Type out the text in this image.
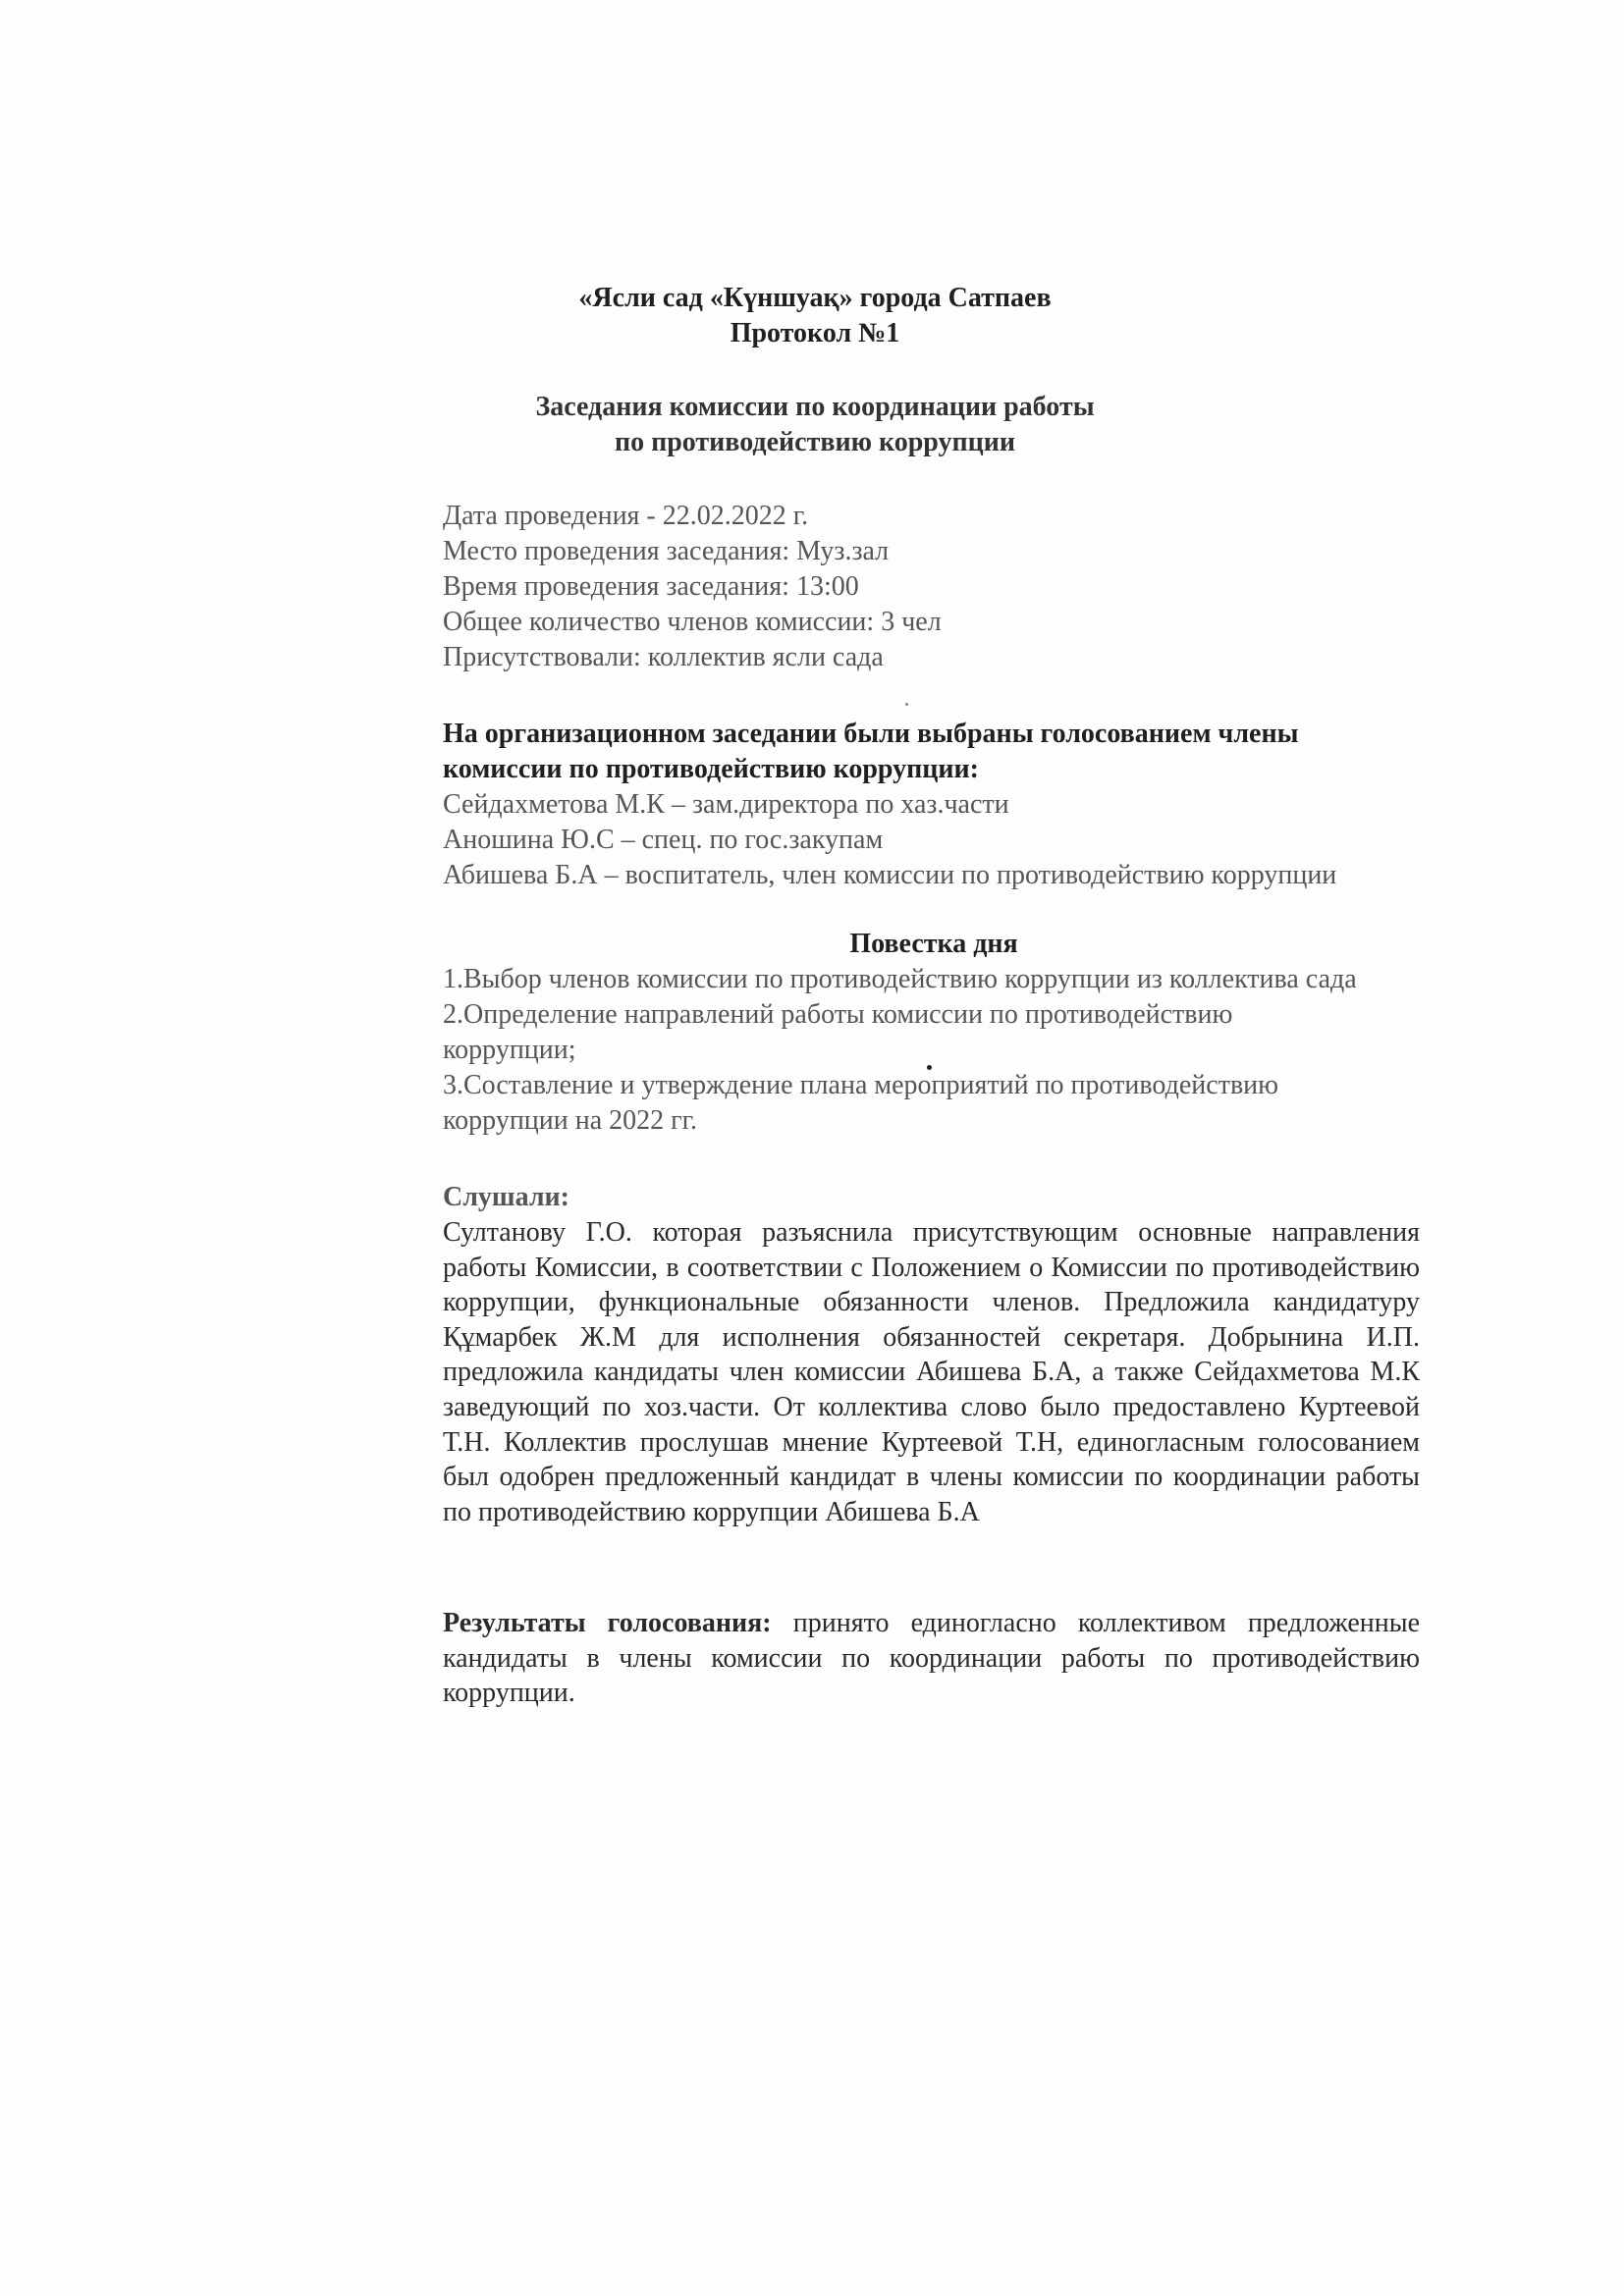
«Ясли сад «Күншуақ» города Сатпаев
Протокол №1
Заседания комиссии по координации работы
по противодействию коррупции
Дата проведения - 22.02.2022 г.
Место проведения заседания: Муз.зал
Время проведения заседания: 13:00
Общее количество членов комиссии: 3 чел
Присутствовали: коллектив ясли сада
На организационном заседании были выбраны голосованием члены
комиссии по противодействию коррупции:
Сейдахметова М.К – зам.директора по хаз.части
Аношина Ю.С – спец. по гос.закупам
Абишева Б.А – воспитатель, член комиссии по противодействию коррупции
Повестка дня
1.Выбор членов комиссии по противодействию коррупции из коллектива сада
2.Определение направлений работы комиссии по противодействию
коррупции;
3.Составление и утверждение плана мероприятий по противодействию
коррупции на 2022 гг.
Слушали:
Султанову Г.О. которая разъяснила присутствующим основные направления работы Комиссии, в соответствии с Положением о Комиссии по противодействию коррупции, функциональные обязанности членов. Предложила кандидатуру Құмарбек Ж.М для исполнения обязанностей секретаря. Добрынина И.П. предложила кандидаты член комиссии Абишева Б.А, а также Сейдахметова М.К заведующий по хоз.части. От коллектива слово было предоставлено Куртеевой Т.Н. Коллектив прослушав мнение Куртеевой Т.Н, единогласным голосованием был одобрен предложенный кандидат в члены комиссии по координации работы по противодействию коррупции Абишева Б.А
Результаты голосования: принято единогласно коллективом предложенные кандидаты в члены комиссии по координации работы по противодействию коррупции.
